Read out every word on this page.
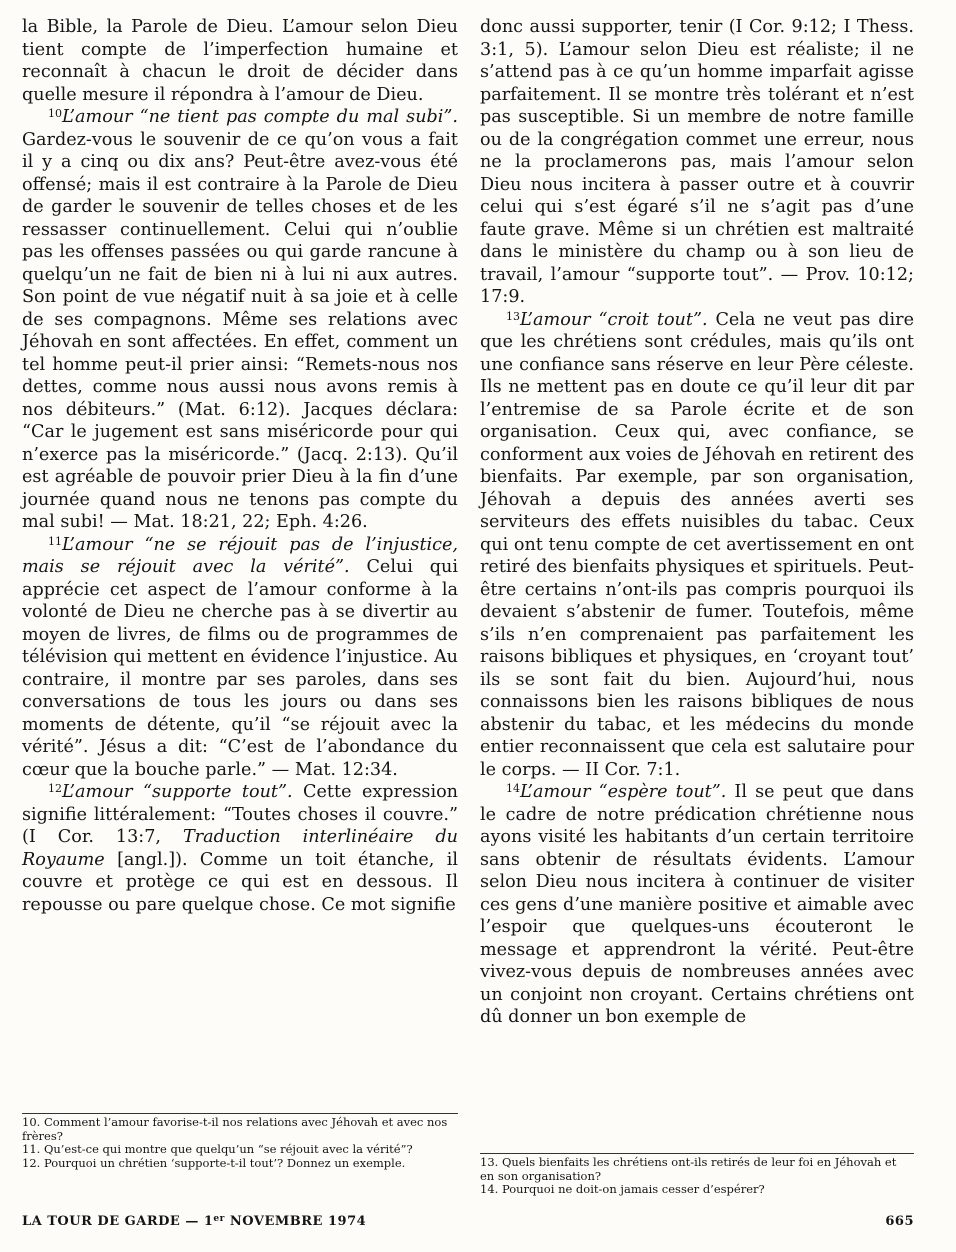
la Bible, la Parole de Dieu. L’amour selon Dieu tient compte de l’imperfection humaine et reconnaît à chacun le droit de décider dans quelle mesure il répondra à l’amour de Dieu.

$^{10}$L’amour “ne tient pas compte du mal subi”. Gardez-vous le souvenir de ce qu’on vous a fait il y a cinq ou dix ans? Peut-être avez-vous été offensé; mais il est contraire à la Parole de Dieu de garder le souvenir de telles choses et de les ressasser continuellement. Celui qui n’oublie pas les offenses passées ou qui garde rancune à quelqu’un ne fait de bien ni à lui ni aux autres. Son point de vue négatif nuit à sa joie et à celle de ses compagnons. Même ses relations avec Jéhovah en sont affectées. En effet, comment un tel homme peut-il prier ainsi: “Remets-nous nos dettes, comme nous aussi nous avons remis à nos débiteurs.” (Mat. 6:12). Jacques déclara: “Car le jugement est sans miséricorde pour qui n’exerce pas la miséricorde.” (Jacq. 2:13). Qu’il est agréable de pouvoir prier Dieu à la fin d’une journée quand nous ne tenons pas compte du mal subi! — Mat. 18:21, 22; Eph. 4:26.

$^{11}$L’amour “ne se réjouit pas de l’injustice, mais se réjouit avec la vérité”. Celui qui apprécie cet aspect de l’amour conforme à la volonté de Dieu ne cherche pas à se divertir au moyen de livres, de films ou de programmes de télévision qui mettent en évidence l’injustice. Au contraire, il montre par ses paroles, dans ses conversations de tous les jours ou dans ses moments de détente, qu’il “se réjouit avec la vérité”. Jésus a dit: “C’est de l’abondance du cœur que la bouche parle.” — Mat. 12:34.

$^{12}$L’amour “supporte tout”. Cette expression signifie littéralement: “Toutes choses il couvre.” (I Cor. 13:7, Traduction interlinéaire du Royaume [angl.]). Comme un toit étanche, il couvre et protège ce qui est en dessous. Il repousse ou pare quelque chose. Ce mot signifie

donc aussi supporter, tenir (I Cor. 9:12; I Thess. 3:1, 5). L’amour selon Dieu est réaliste; il ne s’attend pas à ce qu’un homme imparfait agisse parfaitement. Il se montre très tolérant et n’est pas susceptible. Si un membre de notre famille ou de la congrégation commet une erreur, nous ne la proclamerons pas, mais l’amour selon Dieu nous incitera à passer outre et à couvrir celui qui s’est égaré s’il ne s’agit pas d’une faute grave. Même si un chrétien est maltraité dans le ministère du champ ou à son lieu de travail, l’amour “supporte tout”. — Prov. 10:12; 17:9.

$^{13}$L’amour “croit tout”. Cela ne veut pas dire que les chrétiens sont crédules, mais qu’ils ont une confiance sans réserve en leur Père céleste. Ils ne mettent pas en doute ce qu’il leur dit par l’entremise de sa Parole écrite et de son organisation. Ceux qui, avec confiance, se conforment aux voies de Jéhovah en retirent des bienfaits. Par exemple, par son organisation, Jéhovah a depuis des années averti ses serviteurs des effets nuisibles du tabac. Ceux qui ont tenu compte de cet avertissement en ont retiré des bienfaits physiques et spirituels. Peut-être certains n’ont-ils pas compris pourquoi ils devaient s’abstenir de fumer. Toutefois, même s’ils n’en comprenaient pas parfaitement les raisons bibliques et physiques, en ‘croyant tout’ ils se sont fait du bien. Aujourd’hui, nous connaissons bien les raisons bibliques de nous abstenir du tabac, et les médecins du monde entier reconnaissent que cela est salutaire pour le corps. — II Cor. 7:1.

$^{14}$L’amour “espère tout”. Il se peut que dans le cadre de notre prédication chrétienne nous ayons visité les habitants d’un certain territoire sans obtenir de résultats évidents. L’amour selon Dieu nous incitera à continuer de visiter ces gens d’une manière positive et aimable avec l’espoir que quelques-uns écouteront le message et apprendront la vérité. Peut-être vivez-vous depuis de nombreuses années avec un conjoint non croyant. Certains chrétiens ont dû donner un bon exemple de

10. Comment l’amour favorise-t-il nos relations avec Jéhovah et avec nos frères?

11. Qu’est-ce qui montre que quelqu’un “se réjouit avec la vérité”?

12. Pourquoi un chrétien ‘supporte-t-il tout’? Donnez un exemple.	13. Quels bienfaits les chrétiens ont-ils retirés de leur foi en Jéhovah et en son organisation?

14. Pourquoi ne doit-on jamais cesser d’espérer?

LA TOUR DE GARDE — 1er NOVEMBRE 1974	665
